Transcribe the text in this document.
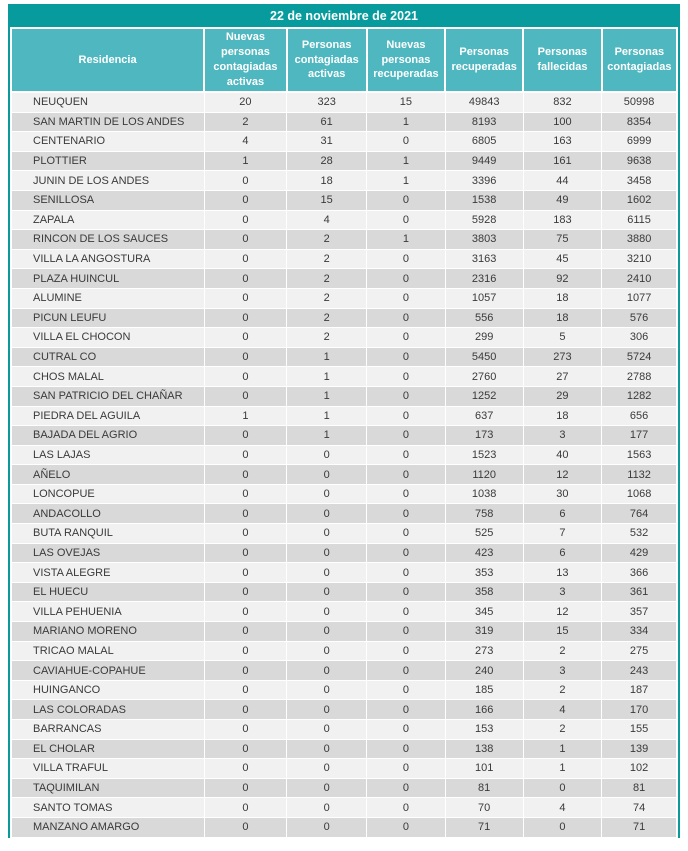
22 de noviembre de 2021
Residencia	Nuevas personas contagiadas activas	Personas contagiadas activas	Nuevas personas recuperadas	Personas recuperadas	Personas fallecidas	Personas contagiadas
NEUQUEN	20	323	15	49843	832	50998
SAN MARTIN DE LOS ANDES	2	61	1	8193	100	8354
CENTENARIO	4	31	0	6805	163	6999
PLOTTIER	1	28	1	9449	161	9638
JUNIN DE LOS ANDES	0	18	1	3396	44	3458
SENILLOSA	0	15	0	1538	49	1602
ZAPALA	0	4	0	5928	183	6115
RINCON DE LOS SAUCES	0	2	1	3803	75	3880
VILLA LA ANGOSTURA	0	2	0	3163	45	3210
PLAZA HUINCUL	0	2	0	2316	92	2410
ALUMINE	0	2	0	1057	18	1077
PICUN LEUFU	0	2	0	556	18	576
VILLA EL CHOCON	0	2	0	299	5	306
CUTRAL CO	0	1	0	5450	273	5724
CHOS MALAL	0	1	0	2760	27	2788
SAN PATRICIO DEL CHAÑAR	0	1	0	1252	29	1282
PIEDRA DEL AGUILA	1	1	0	637	18	656
BAJADA DEL AGRIO	0	1	0	173	3	177
LAS LAJAS	0	0	0	1523	40	1563
AÑELO	0	0	0	1120	12	1132
LONCOPUE	0	0	0	1038	30	1068
ANDACOLLO	0	0	0	758	6	764
BUTA RANQUIL	0	0	0	525	7	532
LAS OVEJAS	0	0	0	423	6	429
VISTA ALEGRE	0	0	0	353	13	366
EL HUECU	0	0	0	358	3	361
VILLA PEHUENIA	0	0	0	345	12	357
MARIANO MORENO	0	0	0	319	15	334
TRICAO MALAL	0	0	0	273	2	275
CAVIAHUE-COPAHUE	0	0	0	240	3	243
HUINGANCO	0	0	0	185	2	187
LAS COLORADAS	0	0	0	166	4	170
BARRANCAS	0	0	0	153	2	155
EL CHOLAR	0	0	0	138	1	139
VILLA TRAFUL	0	0	0	101	1	102
TAQUIMILAN	0	0	0	81	0	81
SANTO TOMAS	0	0	0	70	4	74
MANZANO AMARGO	0	0	0	71	0	71
